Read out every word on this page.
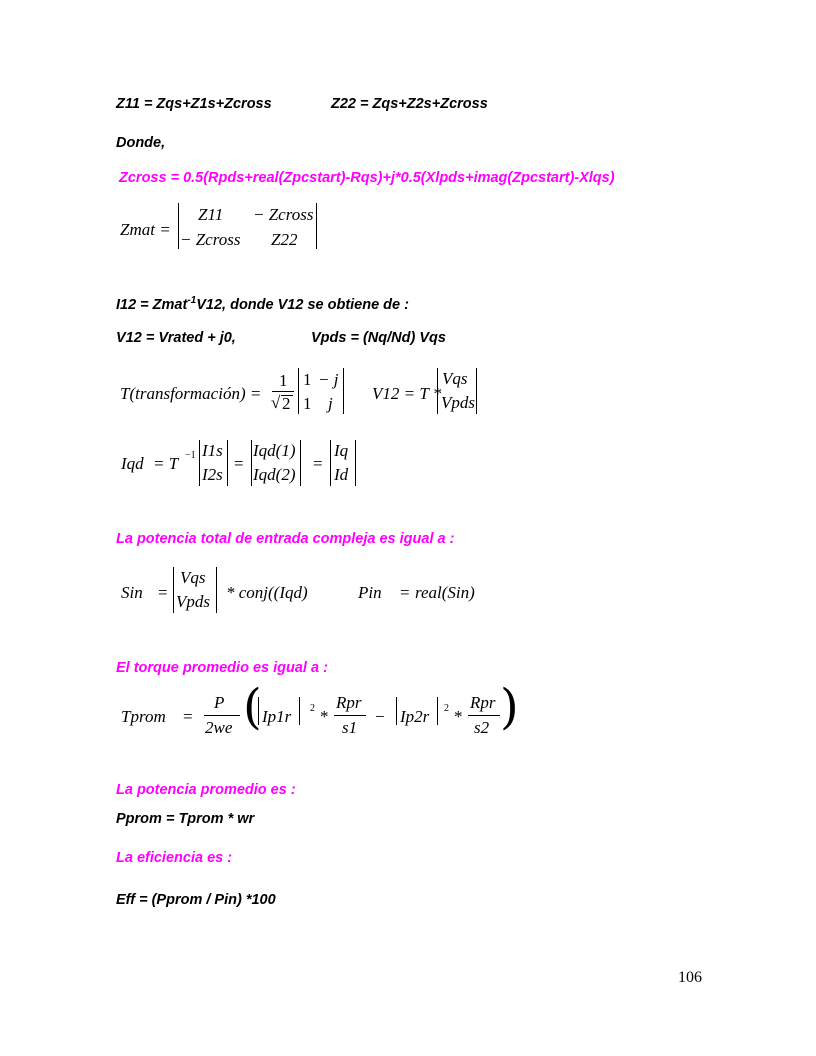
Z11 = Zqs+Z1s+Zcross	Z22 = Zqs+Z2s+Zcross
Donde,
Zcross = 0.5(Rpds+real(Zpcstart)-Rqs)+j*0.5(Xlpds+imag(Zpcstart)-Xlqs)
Zmat =
Z11 − Zcross
− Zcross Z22
I12 = Zmat$^{-1}$V12, donde V12 se obtiene de :
V12 = Vrated + j0,	Vpds = (Nq/Nd) Vqs
T(transformación) =
1
√ 2
1 − j
1 j
V12 = T *
Vqs
Vpds
Iqd = T −1 I1s
I2s
=
Iqd(1)
Iqd(2)
=
Iq
Id
La potencia total de entrada compleja es igual a :
Sin =
Vqs
Vpds * conj((Iqd)	Pin = real(Sin)
El torque promedio es igual a :
Tprom =
P
2we ( Ip1r 2 *
Rpr
s1
− Ip2r 2 *
Rpr
s2 )
La potencia promedio es :
Pprom = Tprom * wr
La eficiencia es :
Eff = (Pprom / Pin) *100
106
